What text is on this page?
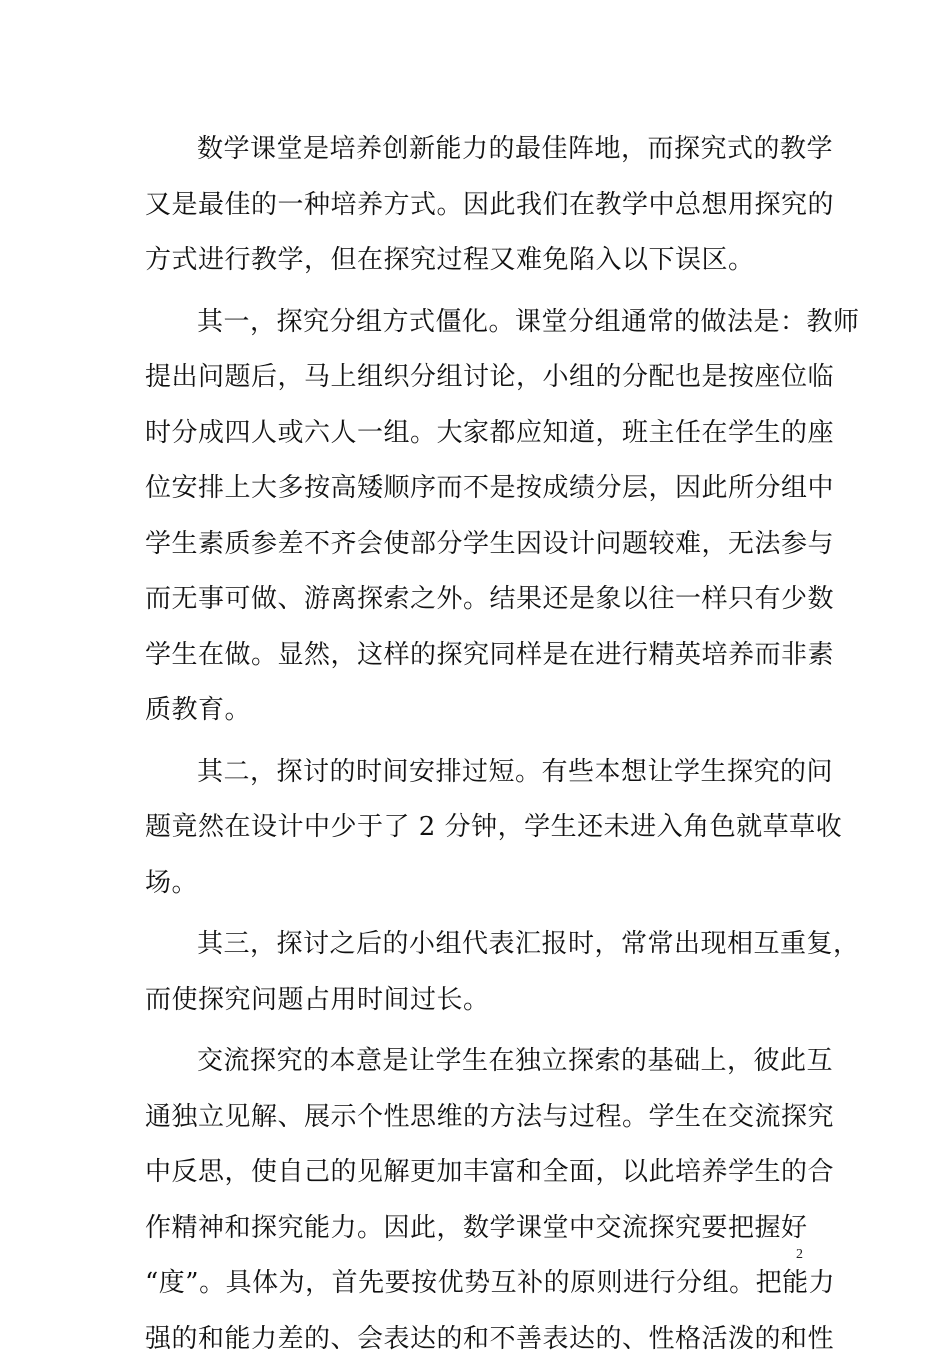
数学课堂是培养创新能力的最佳阵地，而探究式的教学
又是最佳的一种培养方式。因此我们在教学中总想用探究的
方式进行教学，但在探究过程又难免陷入以下误区。
其一，探究分组方式僵化。课堂分组通常的做法是：教师
提出问题后，马上组织分组讨论，小组的分配也是按座位临
时分成四人或六人一组。大家都应知道，班主任在学生的座
位安排上大多按高矮顺序而不是按成绩分层，因此所分组中
学生素质参差不齐会使部分学生因设计问题较难，无法参与
而无事可做、游离探索之外。结果还是象以往一样只有少数
学生在做。显然，这样的探究同样是在进行精英培养而非素
质教育。
其二，探讨的时间安排过短。有些本想让学生探究的问
题竟然在设计中少于了 2 分钟，学生还未进入角色就草草收
场。
其三，探讨之后的小组代表汇报时，常常出现相互重复，
而使探究问题占用时间过长。
交流探究的本意是让学生在独立探索的基础上，彼此互
通独立见解、展示个性思维的方法与过程。学生在交流探究
中反思，使自己的见解更加丰富和全面，以此培养学生的合
作精神和探究能力。因此，数学课堂中交流探究要把握好
“度”。具体为，首先要按优势互补的原则进行分组。把能力
强的和能力差的、会表达的和不善表达的、性格活泼的和性
2
